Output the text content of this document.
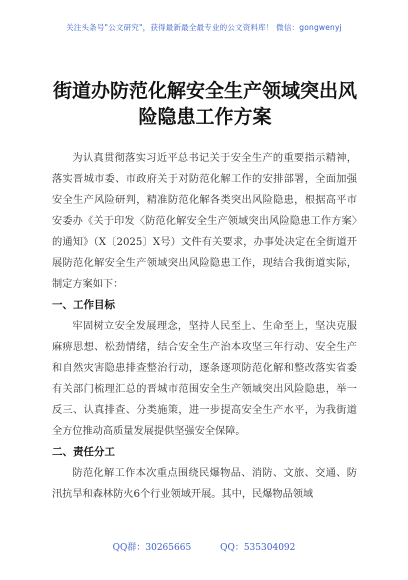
关注头条号"公文研究"，获得最新最全最专业的公文资料库！ 微信：gongwenyj
街道办防范化解安全生产领域突出风险隐患工作方案

为认真贯彻落实习近平总书记关于安全生产的重要指示精神，落实晋城市委、市政府关于对防范化解工作的安排部署，全面加强安全生产风险研判，精准防范化解各类突出风险隐患，根据高平市安委办《关于印发〈防范化解安全生产领域突出风险隐患工作方案〉的通知》（X〔2025〕X号）文件有关要求，办事处决定在全街道开展防范化解安全生产领域突出风险隐患工作，现结合我街道实际，制定方案如下：

一、工作目标

牢固树立安全发展理念，坚持人民至上、生命至上，坚决克服麻痹思想、松劲情绪，结合安全生产治本攻坚三年行动、安全生产和自然灾害隐患排查整治行动，逐条逐项防范化解和整改落实省委有关部门梳理汇总的晋城市范围安全生产领域突出风险隐患，举一反三、认真排查、分类施策，进一步提高安全生产水平，为我街道全方位推动高质量发展提供坚强安全保障。

二、责任分工

防范化解工作本次重点围绕民爆物品、消防、文旅、交通、防汛抗旱和森林防火6个行业领域开展。其中，民爆物品领域

QQ群：30265665	QQ：535304092
